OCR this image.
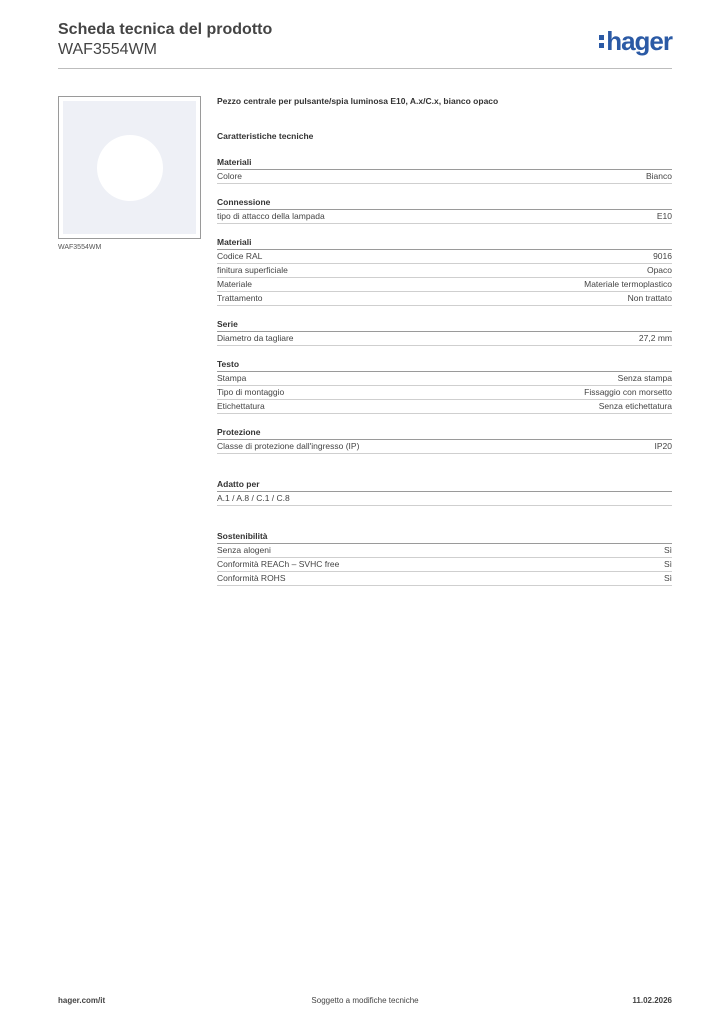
Scheda tecnica del prodotto

WAF3554WM	hager
WAF3554WM

Pezzo centrale per pulsante/spia luminosa E10, A.x/C.x, bianco opaco

Caratteristiche tecniche

Materiali
Colore	Bianco
Connessione
tipo di attacco della lampada	E10
Materiali
Codice RAL	9016
finitura superficiale	Opaco
Materiale	Materiale termoplastico
Trattamento	Non trattato
Serie
Diametro da tagliare	27,2 mm
Testo
Stampa	Senza stampa
Tipo di montaggio	Fissaggio con morsetto
Etichettatura	Senza etichettatura
Protezione
Classe di protezione dall'ingresso (IP)	IP20
Adatto per
A.1 / A.8 / C.1 / C.8
Sostenibilità
Senza alogeni	Sì
Conformità REACh – SVHC free	Sì
Conformità ROHS	Sì
hager.com/it	Soggetto a modifiche tecniche	11.02.2026
